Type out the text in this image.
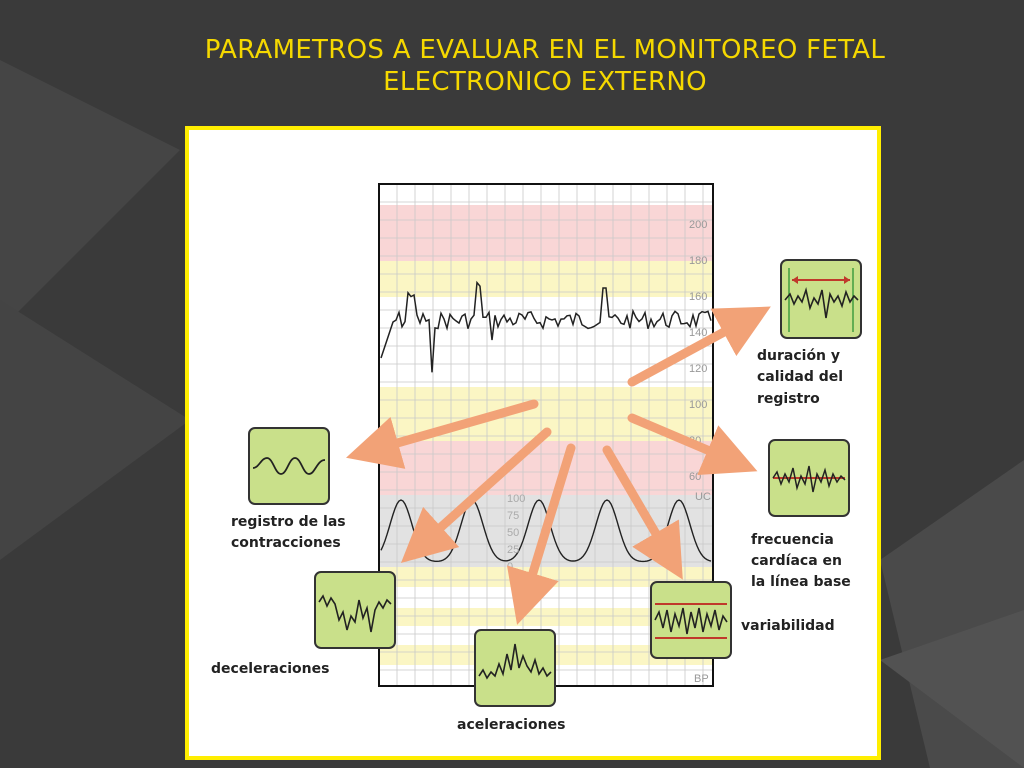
PARAMETROS A EVALUAR EN EL MONITOREO FETAL
ELECTRONICO EXTERNO
200
180
160
140
120
100
80
60
100
75
50
25
0
UC
BP
duración y
calidad del
registro
registro de las
contracciones	frecuencia
cardíaca en
la línea base
variabilidad
deceleraciones
aceleraciones
